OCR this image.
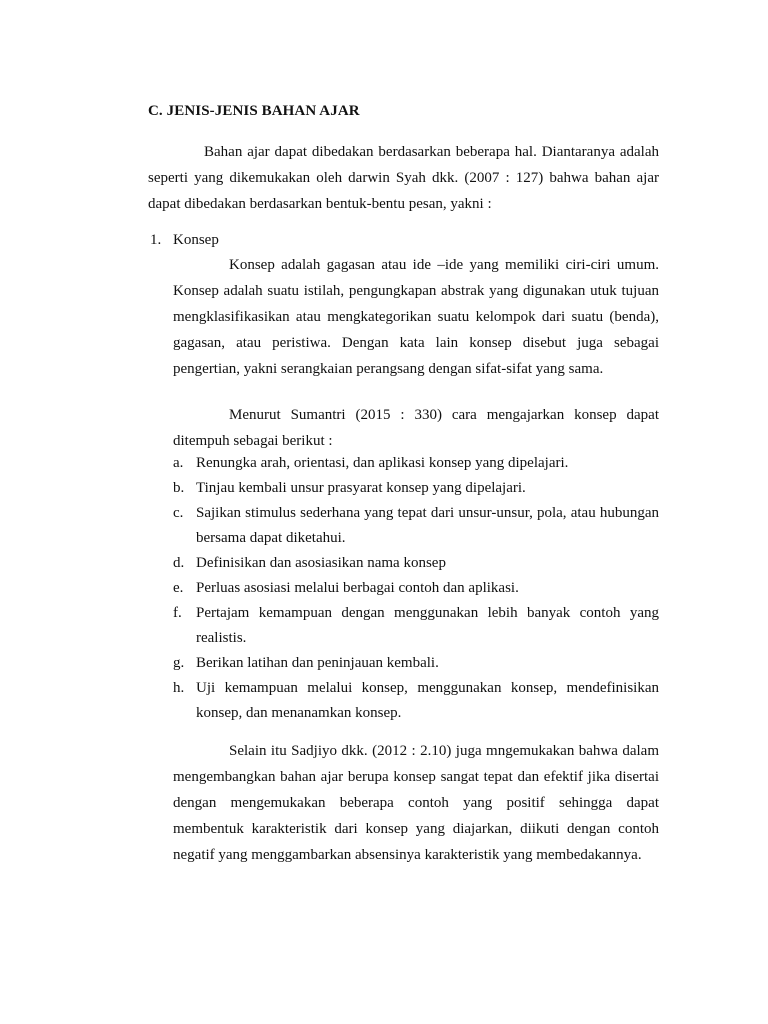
C. JENIS-JENIS BAHAN AJAR

Bahan ajar dapat dibedakan berdasarkan beberapa hal. Diantaranya adalah seperti yang dikemukakan oleh darwin Syah dkk. (2007 : 127) bahwa bahan ajar dapat dibedakan berdasarkan bentuk-bentu pesan, yakni :

1. Konsep

Konsep adalah gagasan atau ide –ide yang memiliki ciri-ciri umum. Konsep adalah suatu istilah, pengungkapan abstrak yang digunakan utuk tujuan mengklasifikasikan atau mengkategorikan suatu kelompok dari suatu (benda), gagasan, atau peristiwa. Dengan kata lain konsep disebut juga sebagai pengertian, yakni serangkaian perangsang dengan sifat-sifat yang sama.

Menurut Sumantri (2015 : 330) cara mengajarkan konsep dapat ditempuh sebagai berikut :

a. Renungka arah, orientasi, dan aplikasi konsep yang dipelajari.
b. Tinjau kembali unsur prasyarat konsep yang dipelajari.
c. Sajikan stimulus sederhana yang tepat dari unsur-unsur, pola, atau hubungan bersama dapat diketahui.
d. Definisikan dan asosiasikan nama konsep
e. Perluas asosiasi melalui berbagai contoh dan aplikasi.
f. Pertajam kemampuan dengan menggunakan lebih banyak contoh yang realistis.
g. Berikan latihan dan peninjauan kembali.
h. Uji kemampuan melalui konsep, menggunakan konsep, mendefinisikan konsep, dan menanamkan konsep.

Selain itu Sadjiyo dkk. (2012 : 2.10) juga mngemukakan bahwa dalam mengembangkan bahan ajar berupa konsep sangat tepat dan efektif jika disertai dengan mengemukakan beberapa contoh yang positif sehingga dapat membentuk karakteristik dari konsep yang diajarkan, diikuti dengan contoh negatif yang menggambarkan absensinya karakteristik yang membedakannya.
